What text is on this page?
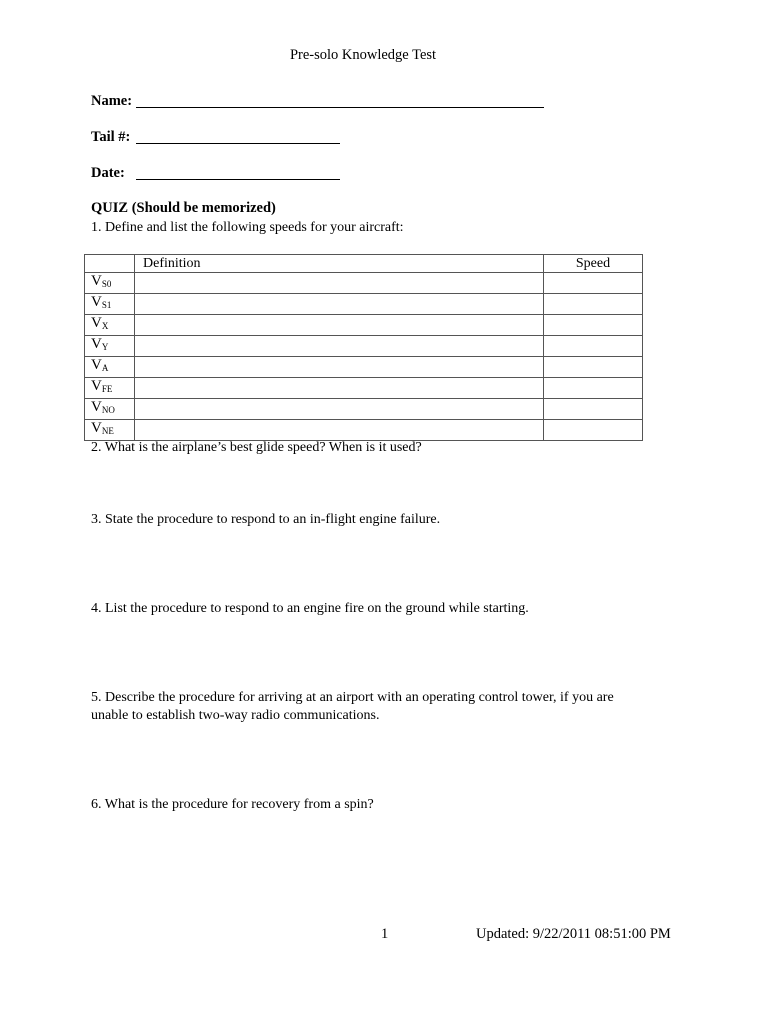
Pre-solo Knowledge Test
Name:
Tail #:
Date:
QUIZ (Should be memorized)
1. Define and list the following speeds for your aircraft:
	Definition	Speed
$V_{S0}$		
$V_{S1}$		
$V_X$		
$V_Y$		
$V_A$		
$V_{FE}$		
$V_{NO}$		
$V_{NE}$		
2. What is the airplane’s best glide speed? When is it used?
3. State the procedure to respond to an in-flight engine failure.
4. List the procedure to respond to an engine fire on the ground while starting.
5. Describe the procedure for arriving at an airport with an operating control tower, if you are
unable to establish two-way radio communications.
6. What is the procedure for recovery from a spin?
1	Updated: 9/22/2011 08:51:00 PM
